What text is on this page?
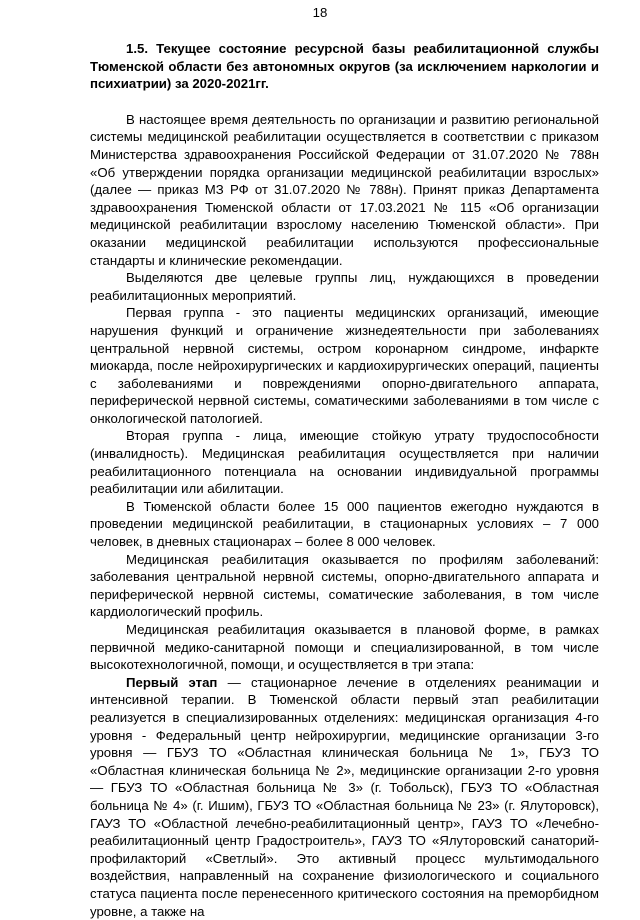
18

1.5. Текущее состояние ресурсной базы реабилитационной службы Тюменской области без автономных округов (за исключением наркологии и психиатрии) за 2020-2021гг.

В настоящее время деятельность по организации и развитию региональной системы медицинской реабилитации осуществляется в соответствии с приказом Министерства здравоохранения Российской Федерации от 31.07.2020 № 788н «Об утверждении порядка организации медицинской реабилитации взрослых» (далее — приказ МЗ РФ от 31.07.2020 № 788н). Принят приказ Департамента здравоохранения Тюменской области от 17.03.2021 № 115 «Об организации медицинской реабилитации взрослому населению Тюменской области». При оказании медицинской реабилитации используются профессиональные стандарты и клинические рекомендации.

Выделяются две целевые группы лиц, нуждающихся в проведении реабилитационных мероприятий.

Первая группа - это пациенты медицинских организаций, имеющие нарушения функций и ограничение жизнедеятельности при заболеваниях центральной нервной системы, остром коронарном синдроме, инфаркте миокарда, после нейрохирургических и кардиохирургических операций, пациенты с заболеваниями и повреждениями опорно-двигательного аппарата, периферической нервной системы, соматическими заболеваниями в том числе с онкологической патологией.

Вторая группа - лица, имеющие стойкую утрату трудоспособности (инвалидность). Медицинская реабилитация осуществляется при наличии реабилитационного потенциала на основании индивидуальной программы реабилитации или абилитации.

В Тюменской области более 15 000 пациентов ежегодно нуждаются в проведении медицинской реабилитации, в стационарных условиях – 7 000 человек, в дневных стационарах – более 8 000 человек.

Медицинская реабилитация оказывается по профилям заболеваний: заболевания центральной нервной системы, опорно-двигательного аппарата и периферической нервной системы, соматические заболевания, в том числе кардиологический профиль.

Медицинская реабилитация оказывается в плановой форме, в рамках первичной медико-санитарной помощи и специализированной, в том числе высокотехнологичной, помощи, и осуществляется в три этапа:

Первый этап — стационарное лечение в отделениях реанимации и интенсивной терапии. В Тюменской области первый этап реабилитации реализуется в специализированных отделениях: медицинская организация 4-го уровня - Федеральный центр нейрохирургии, медицинские организации 3-го уровня — ГБУЗ ТО «Областная клиническая больница № 1», ГБУЗ ТО «Областная клиническая больница № 2», медицинские организации 2-го уровня — ГБУЗ ТО «Областная больница № 3» (г. Тобольск), ГБУЗ ТО «Областная больница № 4» (г. Ишим), ГБУЗ ТО «Областная больница № 23» (г. Ялуторовск), ГАУЗ ТО «Областной лечебно-реабилитационный центр», ГАУЗ ТО «Лечебно-реабилитационный центр Градостроитель», ГАУЗ ТО «Ялуторовский санаторий-профилакторий «Светлый». Это активный процесс мультимодального воздействия, направленный на сохранение физиологического и социального статуса пациента после перенесенного критического состояния на преморбидном уровне, а также на
